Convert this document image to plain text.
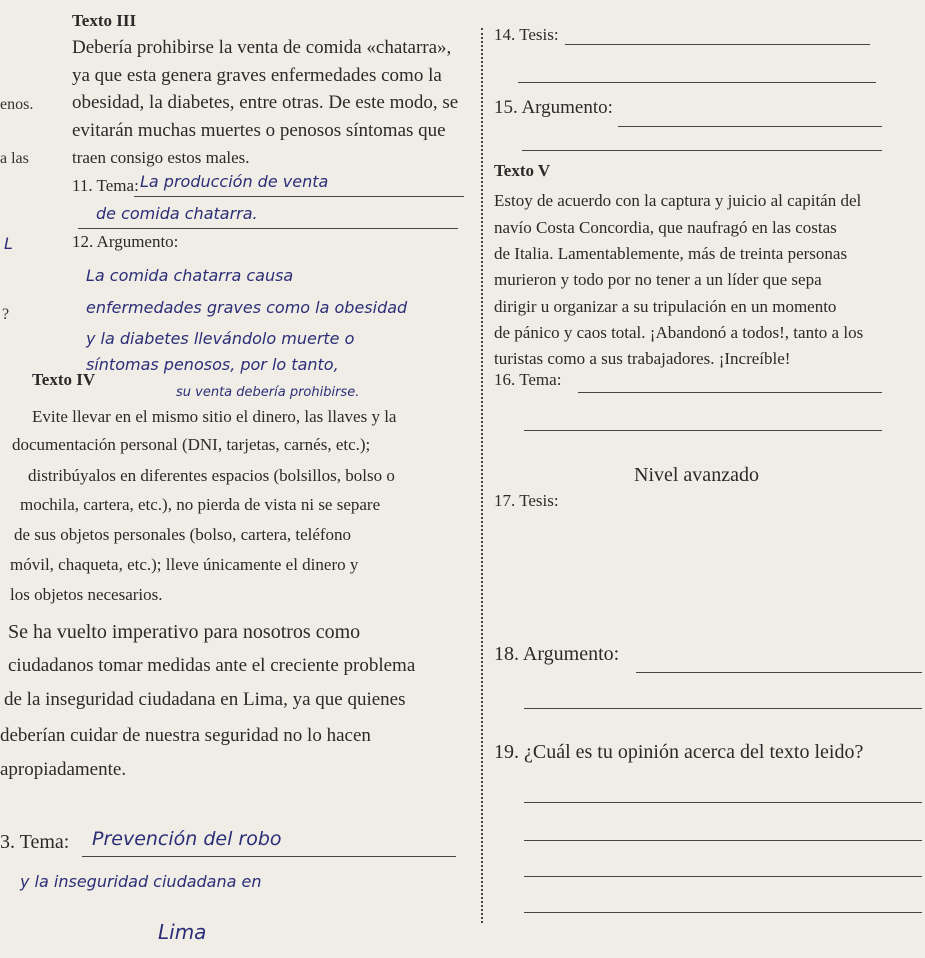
enos.
a las
?
Texto III
Debería prohibirse la venta de comida «chatarra»,
ya que esta genera graves enfermedades como la
obesidad, la diabetes, entre otras. De este modo, se
evitarán muchas muertes o penosos síntomas que
traen consigo estos males.
11. Tema: La producción de venta
de comida chatarra.
L	12. Argumento:
La comida chatarra causa
enfermedades graves como la obesidad
y la diabetes llevándolo muerte o
síntomas penosos, por lo tanto,
su venta debería prohibirse.
Texto IV
Evite llevar en el mismo sitio el dinero, las llaves y la
documentación personal (DNI, tarjetas, carnés, etc.);
distribúyalos en diferentes espacios (bolsillos, bolso o
mochila, cartera, etc.), no pierda de vista ni se separe
de sus objetos personales (bolso, cartera, teléfono
móvil, chaqueta, etc.); lleve únicamente el dinero y
los objetos necesarios.
Se ha vuelto imperativo para nosotros como
ciudadanos tomar medidas ante el creciente problema
de la inseguridad ciudadana en Lima, ya que quienes
deberían cuidar de nuestra seguridad no lo hacen
apropiadamente.
3. Tema: Prevención del robo
y la inseguridad ciudadana en
Lima
14. Tesis:
15. Argumento:
Texto V
Estoy de acuerdo con la captura y juicio al capitán del
navío Costa Concordia, que naufragó en las costas
de Italia. Lamentablemente, más de treinta personas
murieron y todo por no tener a un líder que sepa
dirigir u organizar a su tripulación en un momento
de pánico y caos total. ¡Abandonó a todos!, tanto a los
turistas como a sus trabajadores. ¡Increíble!
16. Tema:
Nivel avanzado
17. Tesis:
18. Argumento:
19. ¿Cuál es tu opinión acerca del texto leido?
